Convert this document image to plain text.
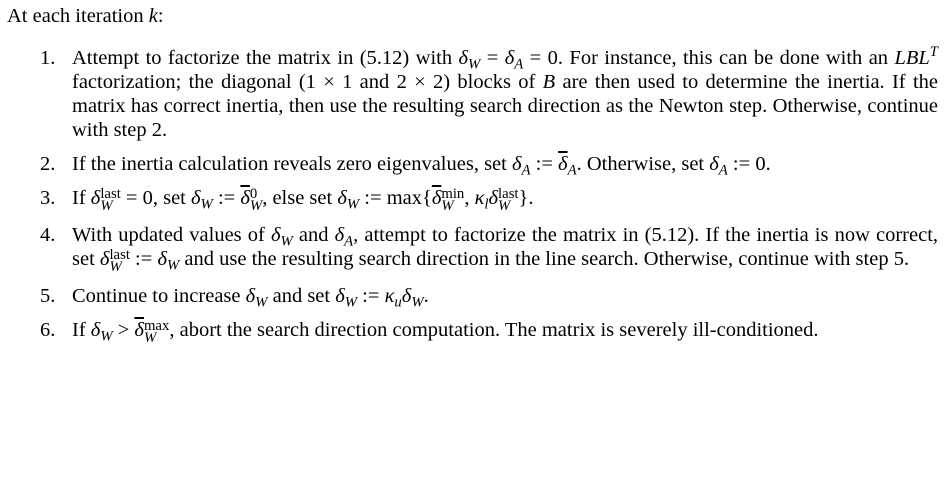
At each iteration k:

1. Attempt to factorize the matrix in (5.12) with $\delta_W = \delta_A = 0$. For instance, this can be done with an $LBL^T$ factorization; the diagonal (1 × 1 and 2 × 2) blocks of B are then used to determine the inertia. If the matrix has correct inertia, then use the resulting search direction as the Newton step. Otherwise, continue with step 2.
2. If the inertia calculation reveals zero eigenvalues, set $\delta_A$ := $\overline{\delta}_A$. Otherwise, set $\delta_A$ := 0.
3. If δ last
W = 0, set $\delta_W$ := $\overline{\delta}$ 0
W , else set $\delta_W$ := $\max\{\overline{\delta}$ min
W , $\kappa_l\delta$ last
W }.
4. With updated values of $\delta_W$ and $\delta_A$, attempt to factorize the matrix in (5.12). If the inertia is now correct, set δ last
W := $\delta_W$ and use the resulting search direction in the line search. Otherwise, continue with step 5.
5. Continue to increase $\delta_W$ and set $\delta_W$ := $\kappa_u\delta_W$.
6. If $\delta_W > \overline{\delta}$ max
W , abort the search direction computation. The matrix is severely ill-conditioned.
